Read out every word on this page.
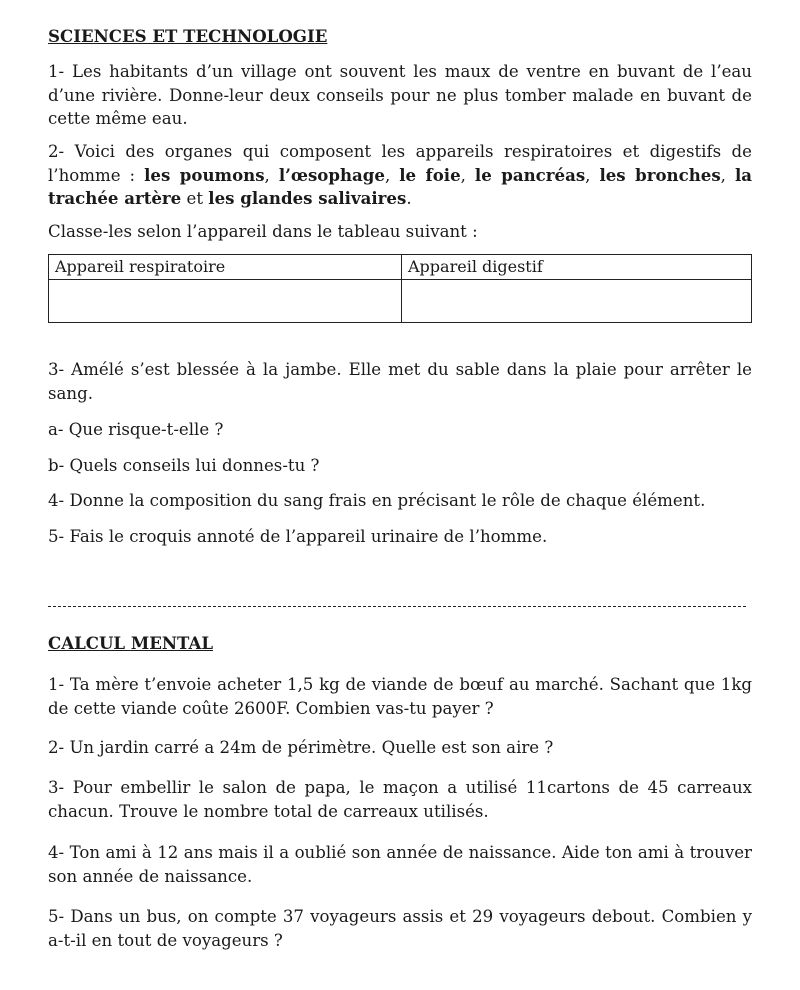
SCIENCES ET TECHNOLOGIE

1- Les habitants d’un village ont souvent les maux de ventre en buvant de l’eau d’une rivière. Donne-leur deux conseils pour ne plus tomber malade en buvant de cette même eau.

2- Voici des organes qui composent les appareils respiratoires et digestifs de l’homme : les poumons, l’œsophage, le foie, le pancréas, les bronches, la trachée artère et les glandes salivaires.

Classe-les selon l’appareil dans le tableau suivant :

Appareil respiratoire	Appareil digestif

3- Amélé s’est blessée à la jambe. Elle met du sable dans la plaie pour arrêter le sang.

a- Que risque-t-elle ?

b- Quels conseils lui donnes-tu ?

4- Donne la composition du sang frais en précisant le rôle de chaque élément.

5- Fais le croquis annoté de l’appareil urinaire de l’homme.

CALCUL MENTAL

1- Ta mère t’envoie acheter 1,5 kg de viande de bœuf au marché. Sachant que 1kg de cette viande coûte 2600F. Combien vas-tu payer ?

2- Un jardin carré a 24m de périmètre. Quelle est son aire ?

3- Pour embellir le salon de papa, le maçon a utilisé 11cartons de 45 carreaux chacun. Trouve le nombre total de carreaux utilisés.

4- Ton ami à 12 ans mais il a oublié son année de naissance. Aide ton ami à trouver son année de naissance.

5- Dans un bus, on compte 37 voyageurs assis et 29 voyageurs debout. Combien y a-t-il en tout de voyageurs ?
